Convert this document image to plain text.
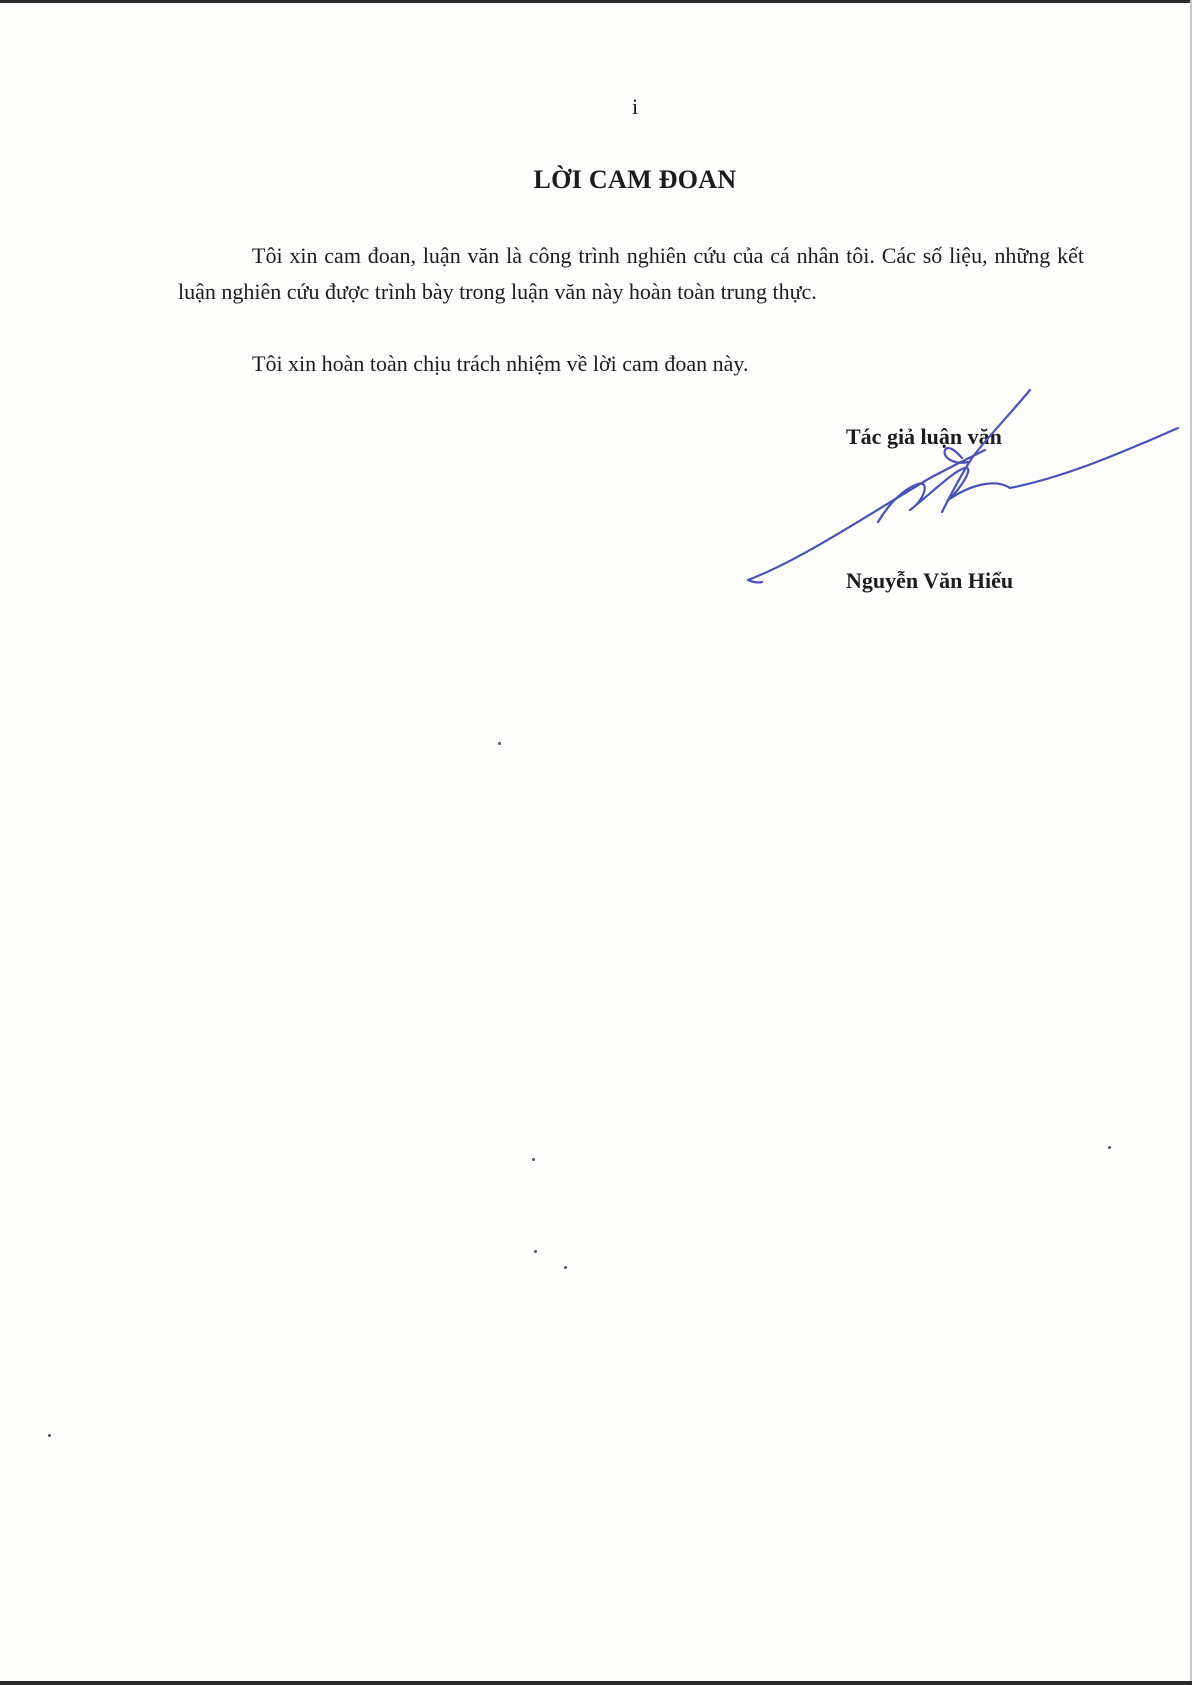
i
LỜI CAM ĐOAN

Tôi xin cam đoan, luận văn là công trình nghiên cứu của cá nhân tôi. Các số liệu, những kết luận nghiên cứu được trình bày trong luận văn này hoàn toàn trung thực.

Tôi xin hoàn toàn chịu trách nhiệm về lời cam đoan này.

Tác giả luận văn
Nguyễn Văn Hiểu
